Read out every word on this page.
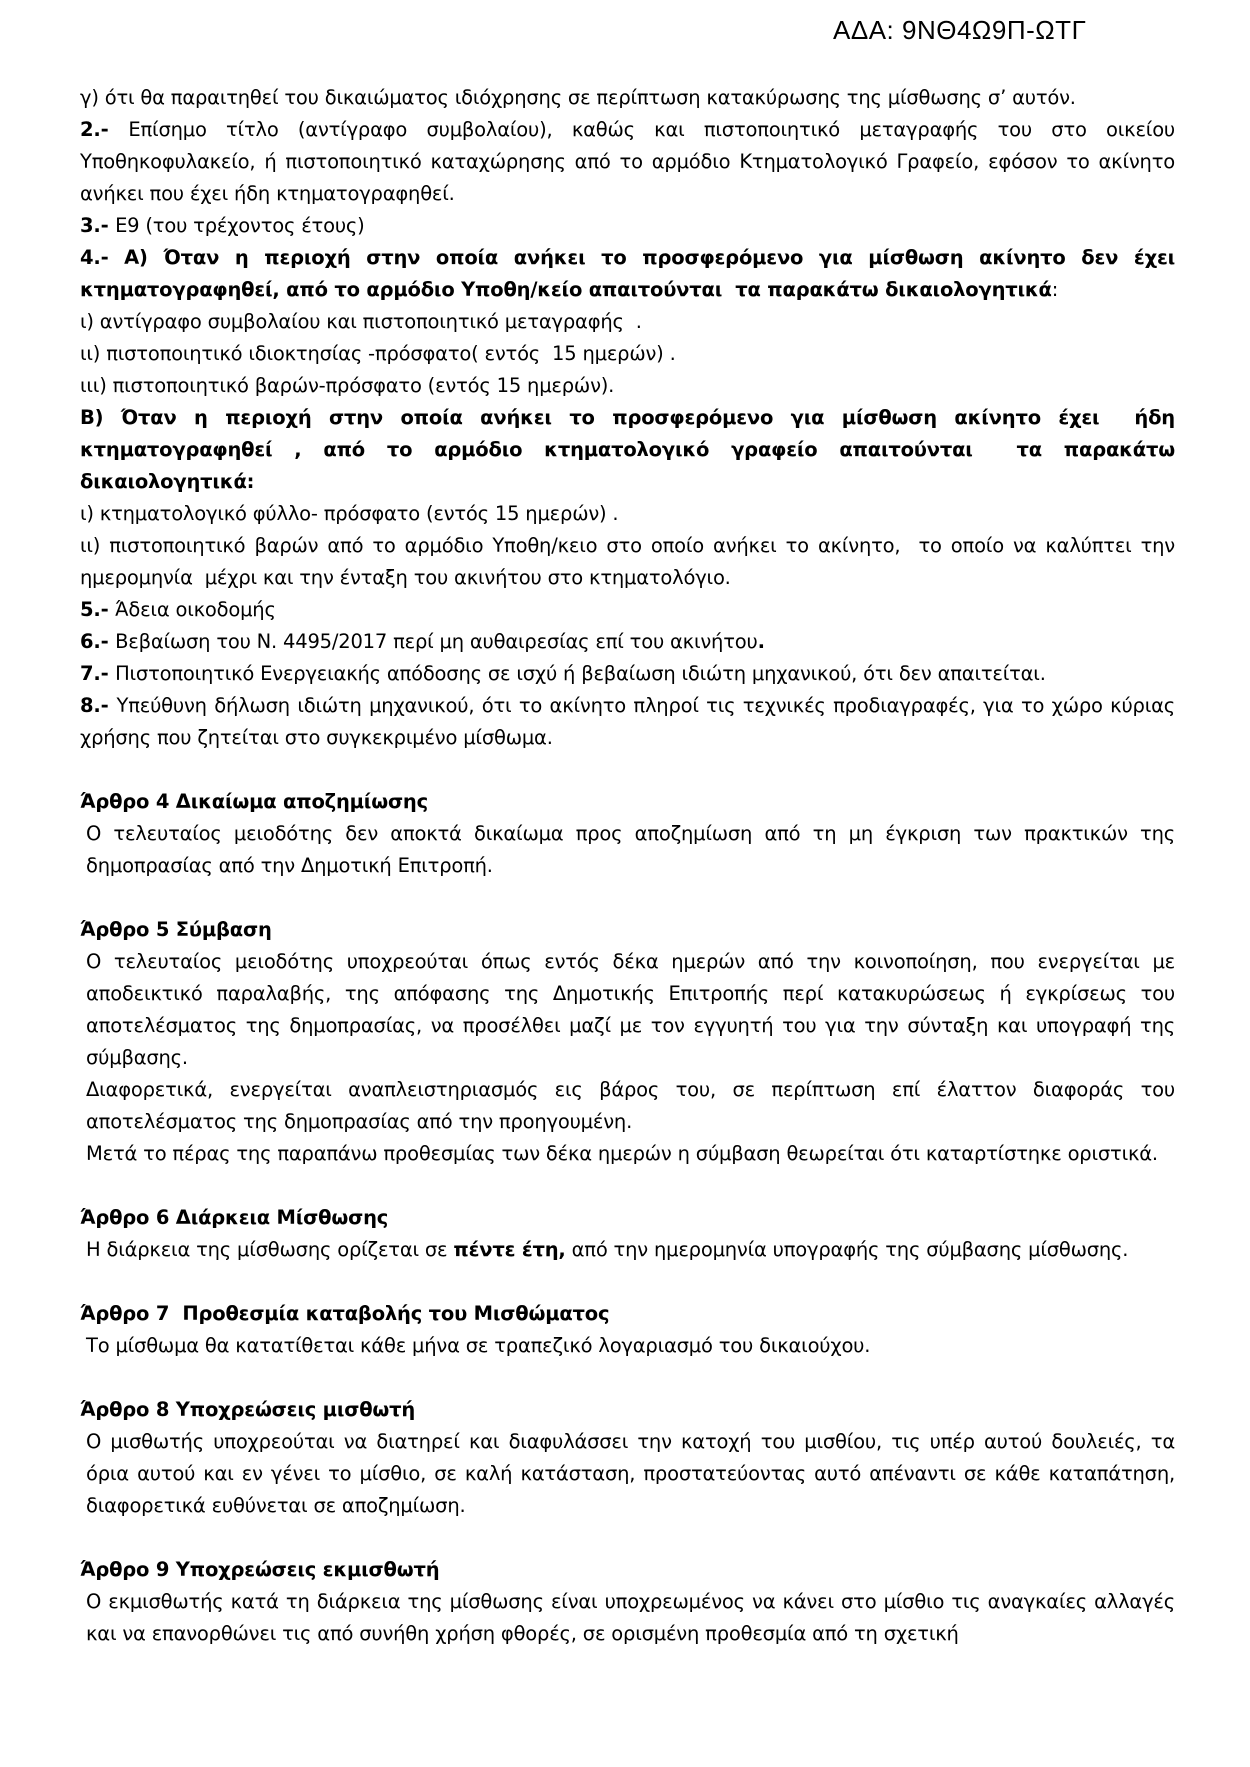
ΑΔΑ: 9ΝΘ4Ω9Π-ΩΤΓ
γ) ότι θα παραιτηθεί του δικαιώματος ιδιόχρησης σε περίπτωση κατακύρωσης της μίσθωσης σ’ αυτόν.
2.- Επίσημο τίτλο (αντίγραφο συμβολαίου), καθώς και πιστοποιητικό μεταγραφής του στο οικείου Υποθηκοφυλακείο, ή πιστοποιητικό καταχώρησης από το αρμόδιο Κτηματολογικό Γραφείο, εφόσον το ακίνητο ανήκει που έχει ήδη κτηματογραφηθεί.
3.- Ε9 (του τρέχοντος έτους)
4.- Α) Όταν η περιοχή στην οποία ανήκει το προσφερόμενο για μίσθωση ακίνητο δεν έχει κτηματογραφηθεί, από το αρμόδιο Υποθη/κείο απαιτούνται  τα παρακάτω δικαιολογητικά:
ι) αντίγραφο συμβολαίου και πιστοποιητικό μεταγραφής  .
ιι) πιστοποιητικό ιδιοκτησίας -πρόσφατο( εντός  15 ημερών) .
ιιι) πιστοποιητικό βαρών-πρόσφατο (εντός 15 ημερών).
Β) Όταν η περιοχή στην οποία ανήκει το προσφερόμενο για μίσθωση ακίνητο έχει  ήδη κτηματογραφηθεί , από το αρμόδιο κτηματολογικό γραφείο απαιτούνται  τα παρακάτω δικαιολογητικά:
ι) κτηματολογικό φύλλο- πρόσφατο (εντός 15 ημερών) .
ιι) πιστοποιητικό βαρών από το αρμόδιο Υποθη/κειο στο οποίο ανήκει το ακίνητο,  το οποίο να καλύπτει την ημερομηνία  μέχρι και την ένταξη του ακινήτου στο κτηματολόγιο.
5.- Άδεια οικοδομής
6.- Βεβαίωση του Ν. 4495/2017 περί μη αυθαιρεσίας επί του ακινήτου.
7.- Πιστοποιητικό Ενεργειακής απόδοσης σε ισχύ ή βεβαίωση ιδιώτη μηχανικού, ότι δεν απαιτείται.
8.- Υπεύθυνη δήλωση ιδιώτη μηχανικού, ότι το ακίνητο πληροί τις τεχνικές προδιαγραφές, για το χώρο κύριας χρήσης που ζητείται στο συγκεκριμένο μίσθωμα.
Άρθρο 4 Δικαίωμα αποζημίωσης
Ο τελευταίος μειοδότης δεν αποκτά δικαίωμα προς αποζημίωση από τη μη έγκριση των πρακτικών της δημοπρασίας από την Δημοτική Επιτροπή.
Άρθρο 5 Σύμβαση
Ο τελευταίος μειοδότης υποχρεούται όπως εντός δέκα ημερών από την κοινοποίηση, που ενεργείται με αποδεικτικό παραλαβής, της απόφασης της Δημοτικής Επιτροπής περί κατακυρώσεως ή εγκρίσεως του αποτελέσματος της δημοπρασίας, να προσέλθει μαζί με τον εγγυητή του για την σύνταξη και υπογραφή της σύμβασης.
Διαφορετικά, ενεργείται αναπλειστηριασμός εις βάρος του, σε περίπτωση επί έλαττον διαφοράς του αποτελέσματος της δημοπρασίας από την προηγουμένη.
Μετά το πέρας της παραπάνω προθεσμίας των δέκα ημερών η σύμβαση θεωρείται ότι καταρτίστηκε οριστικά.
Άρθρο 6 Διάρκεια Μίσθωσης
Η διάρκεια της μίσθωσης ορίζεται σε πέντε έτη, από την ημερομηνία υπογραφής της σύμβασης μίσθωσης.
Άρθρο 7  Προθεσμία καταβολής του Μισθώματος
Το μίσθωμα θα κατατίθεται κάθε μήνα σε τραπεζικό λογαριασμό του δικαιούχου.
Άρθρο 8 Υποχρεώσεις μισθωτή
Ο μισθωτής υποχρεούται να διατηρεί και διαφυλάσσει την κατοχή του μισθίου, τις υπέρ αυτού δουλειές, τα όρια αυτού και εν γένει το μίσθιο, σε καλή κατάσταση, προστατεύοντας αυτό απέναντι σε κάθε καταπάτηση, διαφορετικά ευθύνεται σε αποζημίωση.
Άρθρο 9 Υποχρεώσεις εκμισθωτή
Ο εκμισθωτής κατά τη διάρκεια της μίσθωσης είναι υποχρεωμένος να κάνει στο μίσθιο τις αναγκαίες αλλαγές και να επανορθώνει τις από συνήθη χρήση φθορές, σε ορισμένη προθεσμία από τη σχετική
